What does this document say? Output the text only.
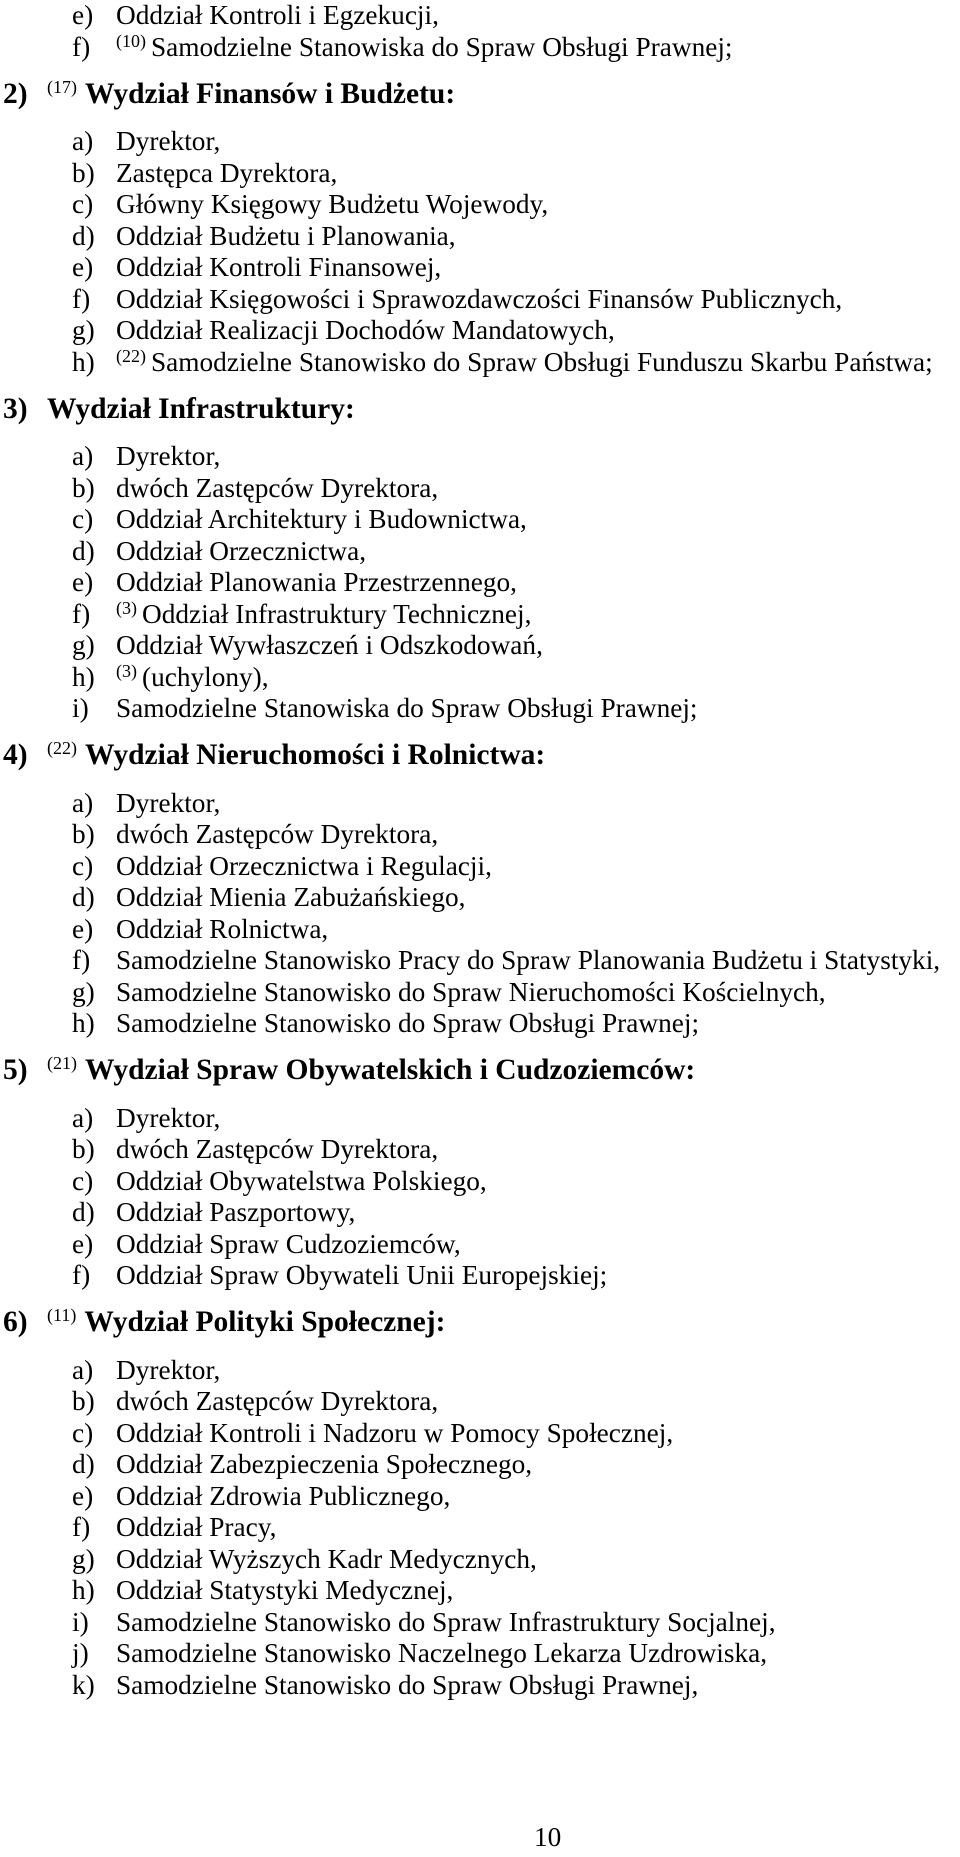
e) Oddział Kontroli i Egzekucji,
f) $^{(10)}$ Samodzielne Stanowiska do Spraw Obsługi Prawnej;
2) $^{(17)}$ Wydział Finansów i Budżetu:
a) Dyrektor,
b) Zastępca Dyrektora,
c) Główny Księgowy Budżetu Wojewody,
d) Oddział Budżetu i Planowania,
e) Oddział Kontroli Finansowej,
f) Oddział Księgowości i Sprawozdawczości Finansów Publicznych,
g) Oddział Realizacji Dochodów Mandatowych,
h) $^{(22)}$ Samodzielne Stanowisko do Spraw Obsługi Funduszu Skarbu Państwa;
3) Wydział Infrastruktury:
a) Dyrektor,
b) dwóch Zastępców Dyrektora,
c) Oddział Architektury i Budownictwa,
d) Oddział Orzecznictwa,
e) Oddział Planowania Przestrzennego,
f) $^{(3)}$ Oddział Infrastruktury Technicznej,
g) Oddział Wywłaszczeń i Odszkodowań,
h) $^{(3)}$ (uchylony),
i) Samodzielne Stanowiska do Spraw Obsługi Prawnej;
4) $^{(22)}$ Wydział Nieruchomości i Rolnictwa:
a) Dyrektor,
b) dwóch Zastępców Dyrektora,
c) Oddział Orzecznictwa i Regulacji,
d) Oddział Mienia Zabużańskiego,
e) Oddział Rolnictwa,
f) Samodzielne Stanowisko Pracy do Spraw Planowania Budżetu i Statystyki,
g) Samodzielne Stanowisko do Spraw Nieruchomości Kościelnych,
h) Samodzielne Stanowisko do Spraw Obsługi Prawnej;
5) $^{(21)}$ Wydział Spraw Obywatelskich i Cudzoziemców:
a) Dyrektor,
b) dwóch Zastępców Dyrektora,
c) Oddział Obywatelstwa Polskiego,
d) Oddział Paszportowy,
e) Oddział Spraw Cudzoziemców,
f) Oddział Spraw Obywateli Unii Europejskiej;
6) $^{(11)}$ Wydział Polityki Społecznej:
a) Dyrektor,
b) dwóch Zastępców Dyrektora,
c) Oddział Kontroli i Nadzoru w Pomocy Społecznej,
d) Oddział Zabezpieczenia Społecznego,
e) Oddział Zdrowia Publicznego,
f) Oddział Pracy,
g) Oddział Wyższych Kadr Medycznych,
h) Oddział Statystyki Medycznej,
i) Samodzielne Stanowisko do Spraw Infrastruktury Socjalnej,
j) Samodzielne Stanowisko Naczelnego Lekarza Uzdrowiska,
k) Samodzielne Stanowisko do Spraw Obsługi Prawnej,
10
